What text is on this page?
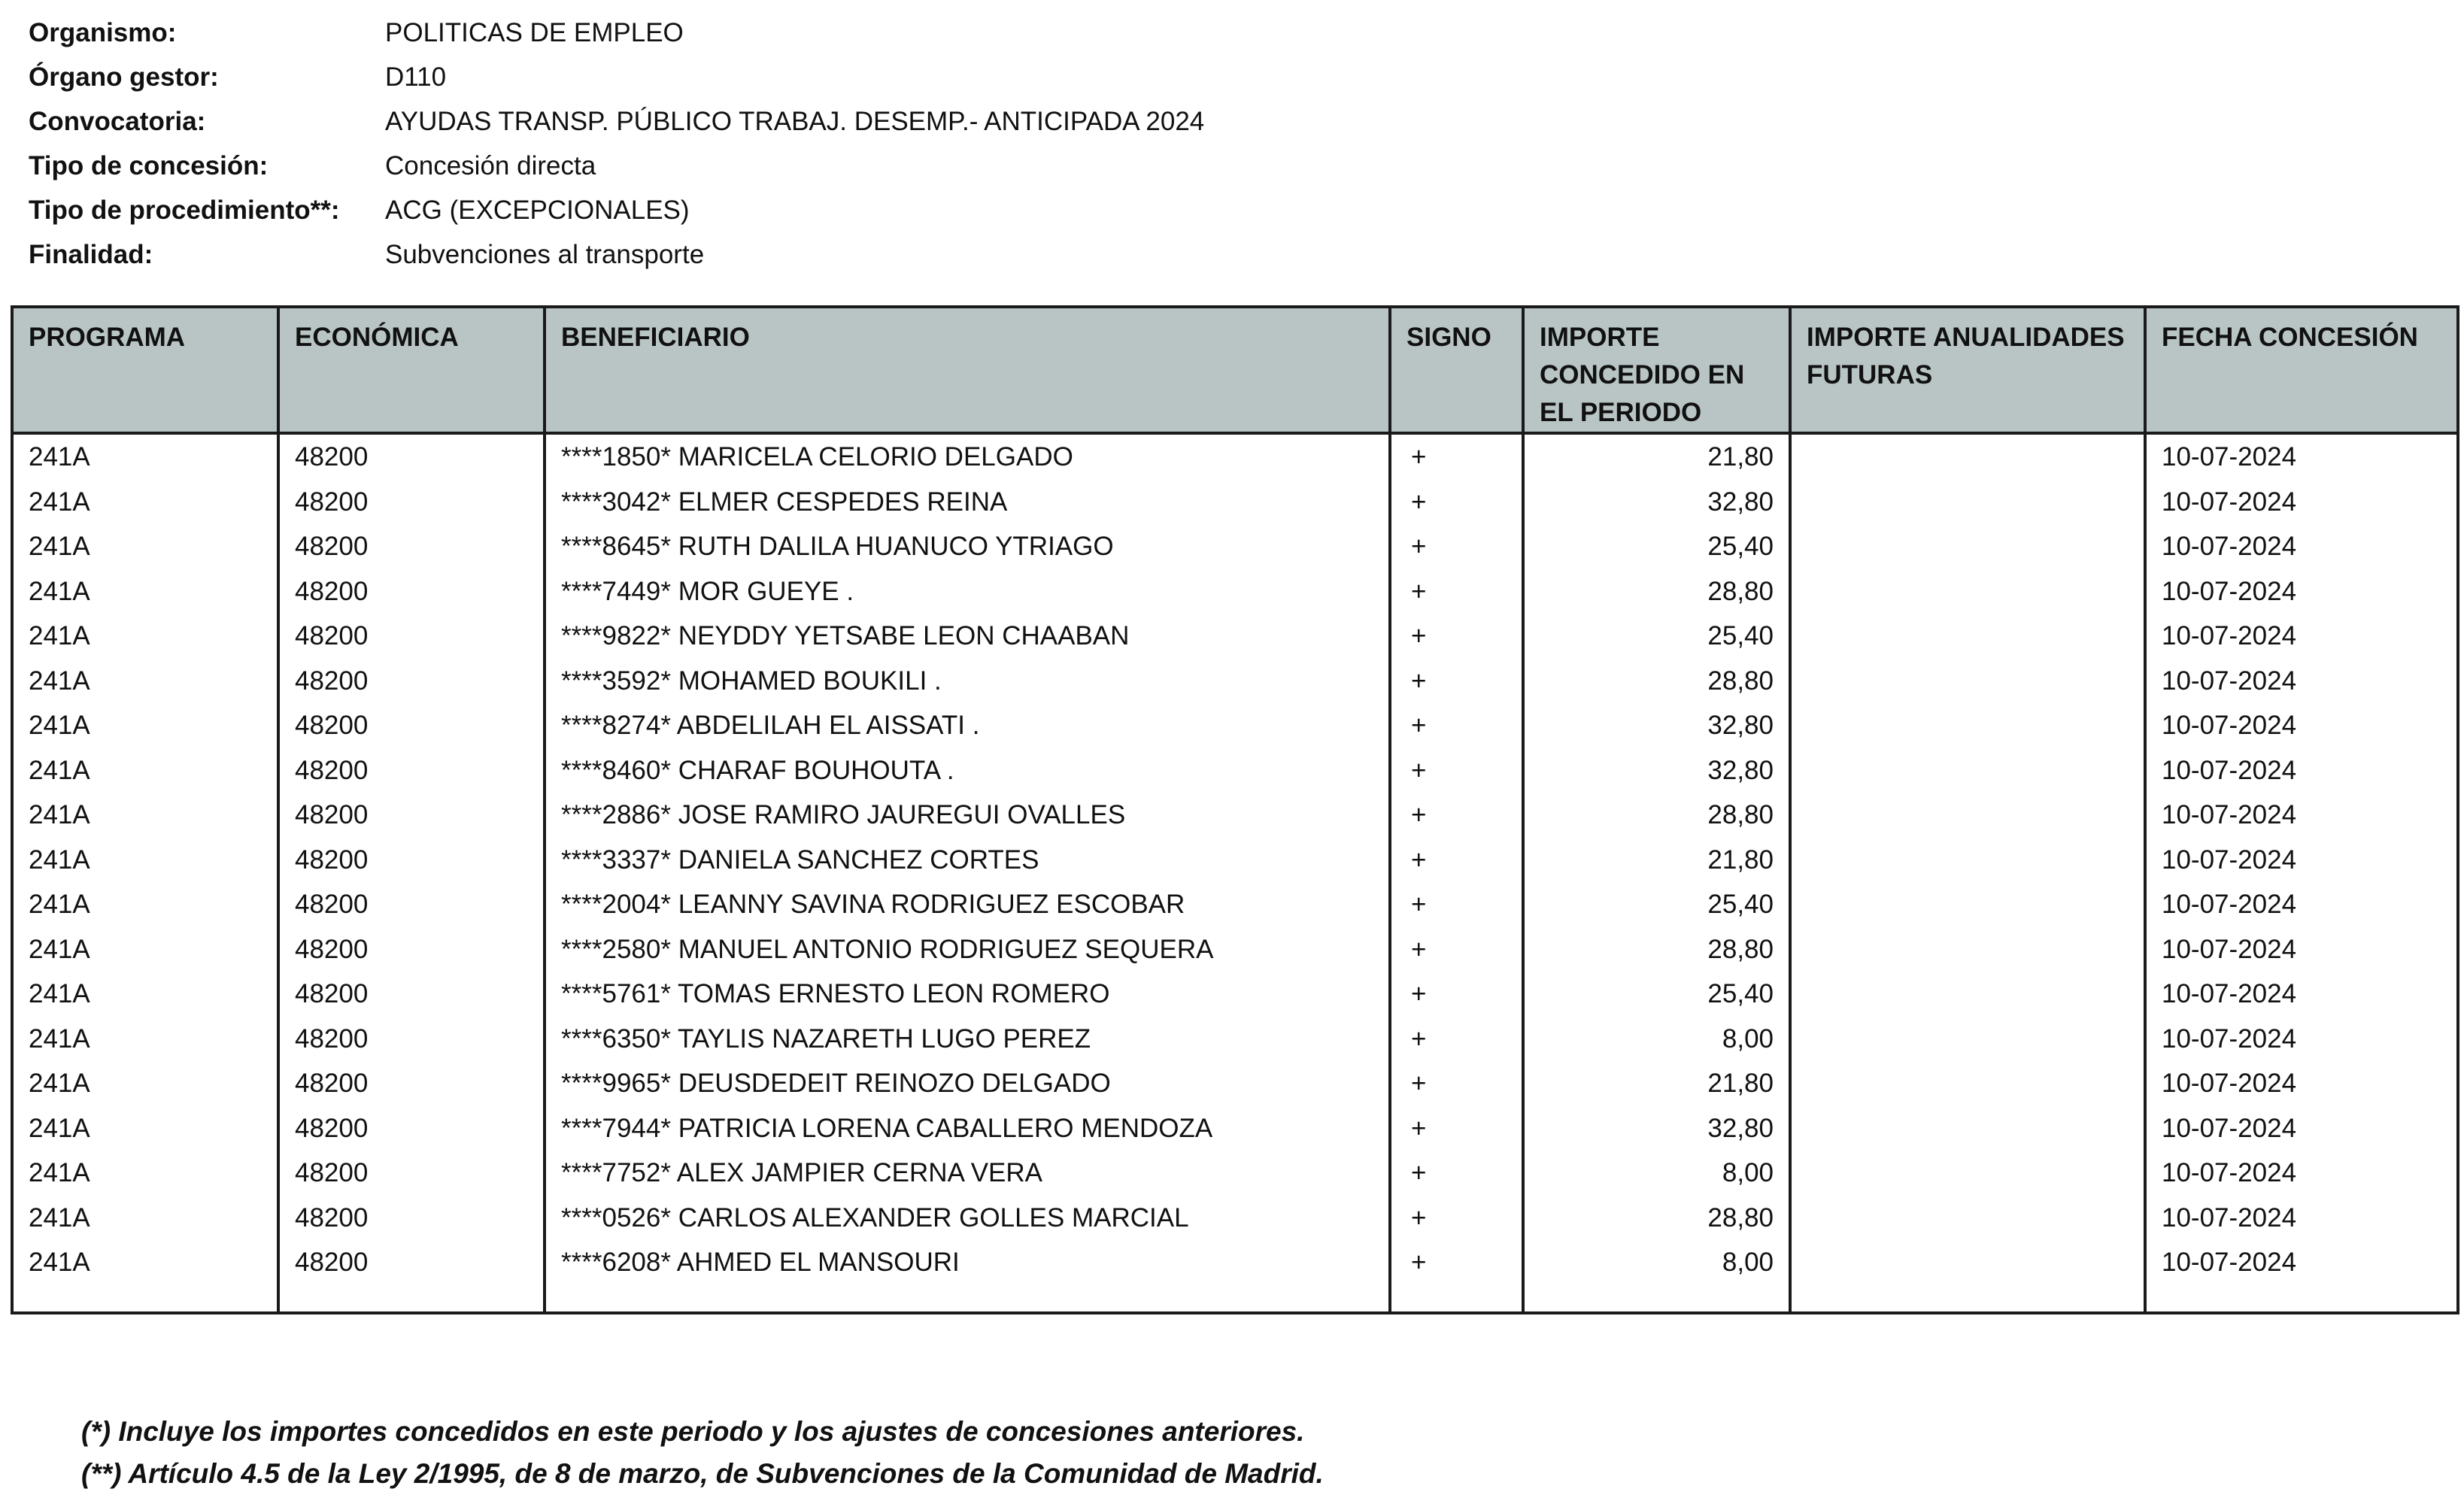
Organismo:	POLITICAS DE EMPLEO
Órgano gestor:	D110
Convocatoria:	AYUDAS TRANSP. PÚBLICO TRABAJ. DESEMP.- ANTICIPADA 2024
Tipo de concesión:	Concesión directa
Tipo de procedimiento**:	ACG (EXCEPCIONALES)
Finalidad:	Subvenciones al transporte
PROGRAMA	ECONÓMICA	BENEFICIARIO	SIGNO	IMPORTE CONCEDIDO EN EL PERIODO	IMPORTE ANUALIDADES FUTURAS	FECHA CONCESIÓN
241A	48200	****1850* MARICELA CELORIO DELGADO	+	21,80		10-07-2024
241A	48200	****3042* ELMER CESPEDES REINA	+	32,80		10-07-2024
241A	48200	****8645* RUTH DALILA HUANUCO YTRIAGO	+	25,40		10-07-2024
241A	48200	****7449* MOR GUEYE .	+	28,80		10-07-2024
241A	48200	****9822* NEYDDY YETSABE LEON CHAABAN	+	25,40		10-07-2024
241A	48200	****3592* MOHAMED BOUKILI .	+	28,80		10-07-2024
241A	48200	****8274* ABDELILAH EL AISSATI .	+	32,80		10-07-2024
241A	48200	****8460* CHARAF BOUHOUTA .	+	32,80		10-07-2024
241A	48200	****2886* JOSE RAMIRO JAUREGUI OVALLES	+	28,80		10-07-2024
241A	48200	****3337* DANIELA SANCHEZ CORTES	+	21,80		10-07-2024
241A	48200	****2004* LEANNY SAVINA RODRIGUEZ ESCOBAR	+	25,40		10-07-2024
241A	48200	****2580* MANUEL ANTONIO RODRIGUEZ SEQUERA	+	28,80		10-07-2024
241A	48200	****5761* TOMAS ERNESTO LEON ROMERO	+	25,40		10-07-2024
241A	48200	****6350* TAYLIS NAZARETH LUGO PEREZ	+	8,00		10-07-2024
241A	48200	****9965* DEUSDEDEIT REINOZO DELGADO	+	21,80		10-07-2024
241A	48200	****7944* PATRICIA LORENA CABALLERO MENDOZA	+	32,80		10-07-2024
241A	48200	****7752* ALEX JAMPIER CERNA VERA	+	8,00		10-07-2024
241A	48200	****0526* CARLOS ALEXANDER GOLLES MARCIAL	+	28,80		10-07-2024
241A	48200	****6208* AHMED EL MANSOURI	+	8,00		10-07-2024

(*) Incluye los importes concedidos en este periodo y los ajustes de concesiones anteriores.
(**) Artículo 4.5 de la Ley 2/1995, de 8 de marzo, de Subvenciones de la Comunidad de Madrid.
